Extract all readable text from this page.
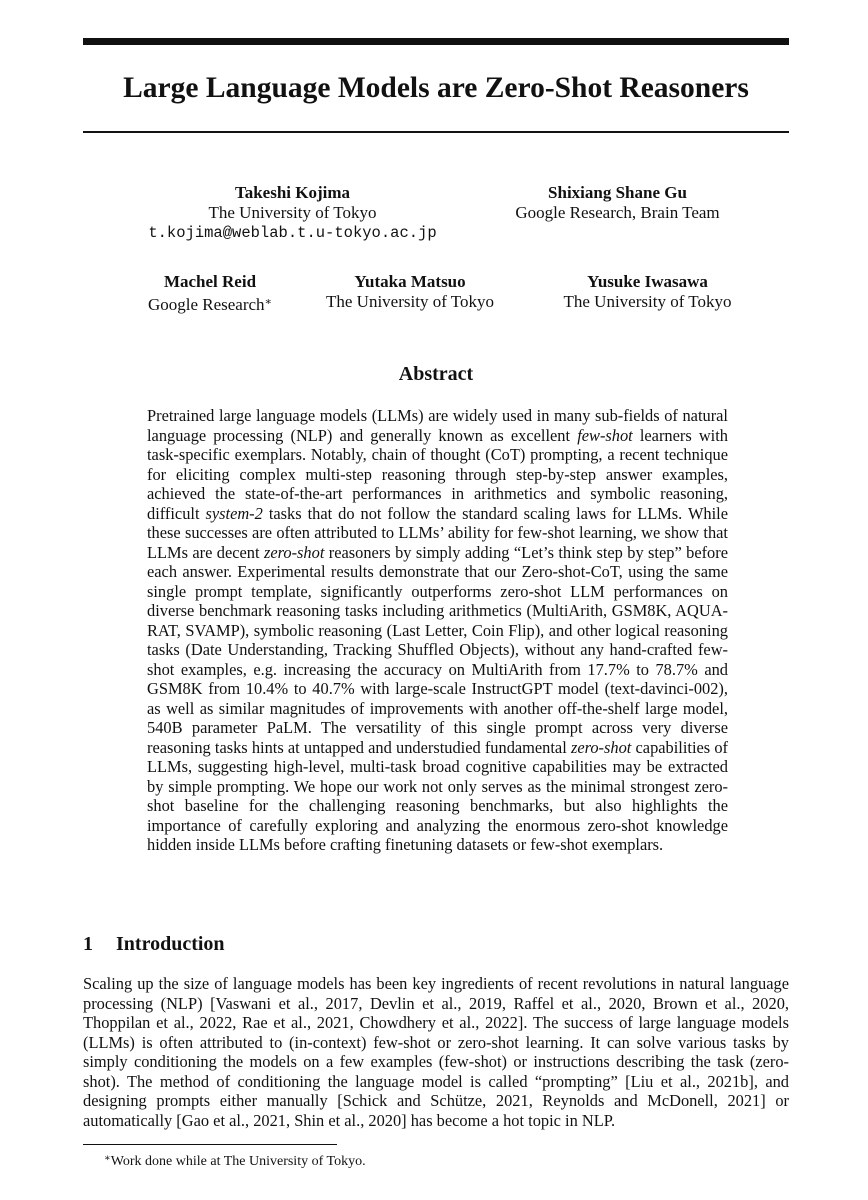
Large Language Models are Zero-Shot Reasoners
Takeshi Kojima
The University of Tokyo
t.kojima@weblab.t.u-tokyo.ac.jp
Shixiang Shane Gu
Google Research, Brain Team
Machel Reid
Google Research∗
Yutaka Matsuo
The University of Tokyo
Yusuke Iwasawa
The University of Tokyo
Abstract

Pretrained large language models (LLMs) are widely used in many sub-fields of natural language processing (NLP) and generally known as excellent few-shot learners with task-specific exemplars. Notably, chain of thought (CoT) prompting, a recent technique for eliciting complex multi-step reasoning through step-by-step answer examples, achieved the state-of-the-art performances in arithmetics and symbolic reasoning, difficult system-2 tasks that do not follow the standard scaling laws for LLMs. While these successes are often attributed to LLMs’ ability for few-shot learning, we show that LLMs are decent zero-shot reasoners by simply adding “Let’s think step by step” before each answer. Experimental results demonstrate that our Zero-shot-CoT, using the same single prompt template, significantly outperforms zero-shot LLM performances on diverse benchmark reasoning tasks including arithmetics (MultiArith, GSM8K, AQUA-RAT, SVAMP), symbolic reasoning (Last Letter, Coin Flip), and other logical reasoning tasks (Date Understanding, Tracking Shuffled Objects), without any hand-crafted few-shot examples, e.g. increasing the accuracy on MultiArith from 17.7% to 78.7% and GSM8K from 10.4% to 40.7% with large-scale InstructGPT model (text-davinci-002), as well as similar magnitudes of improvements with another off-the-shelf large model, 540B parameter PaLM. The versatility of this single prompt across very diverse reasoning tasks hints at untapped and understudied fundamental zero-shot capabilities of LLMs, suggesting high-level, multi-task broad cognitive capabilities may be extracted by simple prompting. We hope our work not only serves as the minimal strongest zero-shot baseline for the challenging reasoning benchmarks, but also highlights the importance of carefully exploring and analyzing the enormous zero-shot knowledge hidden inside LLMs before crafting finetuning datasets or few-shot exemplars.

1 Introduction

Scaling up the size of language models has been key ingredients of recent revolutions in natural language processing (NLP) [Vaswani et al., 2017, Devlin et al., 2019, Raffel et al., 2020, Brown et al., 2020, Thoppilan et al., 2022, Rae et al., 2021, Chowdhery et al., 2022]. The success of large language models (LLMs) is often attributed to (in-context) few-shot or zero-shot learning. It can solve various tasks by simply conditioning the models on a few examples (few-shot) or instructions describing the task (zero-shot). The method of conditioning the language model is called “prompting” [Liu et al., 2021b], and designing prompts either manually [Schick and Schütze, 2021, Reynolds and McDonell, 2021] or automatically [Gao et al., 2021, Shin et al., 2020] has become a hot topic in NLP.

∗Work done while at The University of Tokyo.
